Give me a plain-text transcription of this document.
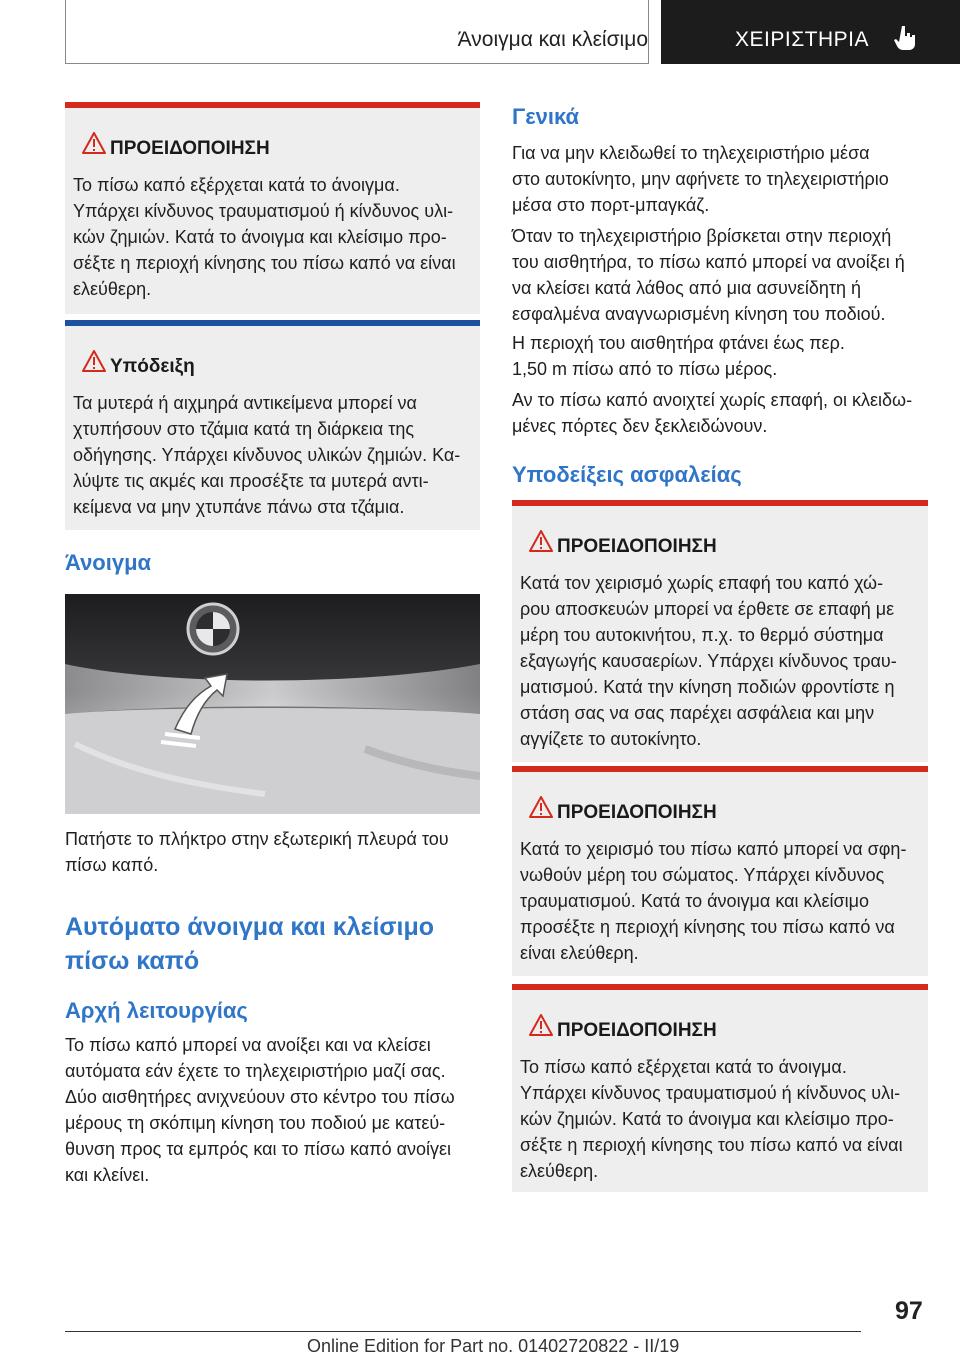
Άνοιγμα και κλείσιμο	ΧΕΙΡΙΣΤΗΡΙΑ
ΠΡΟΕΙΔΟΠΟΙΗΣΗ
Το πίσω καπό εξέρχεται κατά το άνοιγμα.
Υπάρχει κίνδυνος τραυματισμού ή κίνδυνος υλι-
κών ζημιών. Κατά το άνοιγμα και κλείσιμο προ-
σέξτε η περιοχή κίνησης του πίσω καπό να είναι
ελεύθερη.
Υπόδειξη
Τα μυτερά ή αιχμηρά αντικείμενα μπορεί να
χτυπήσουν στο τζάμια κατά τη διάρκεια της
οδήγησης. Υπάρχει κίνδυνος υλικών ζημιών. Κα-
λύψτε τις ακμές και προσέξτε τα μυτερά αντι-
κείμενα να μην χτυπάνε πάνω στα τζάμια.
Άνοιγμα
Πατήστε το πλήκτρο στην εξωτερική πλευρά του
πίσω καπό.
Αυτόματο άνοιγμα και κλείσιμο
πίσω καπό
Αρχή λειτουργίας
Το πίσω καπό μπορεί να ανοίξει και να κλείσει
αυτόματα εάν έχετε το τηλεχειριστήριο μαζί σας.
Δύο αισθητήρες ανιχνεύουν στο κέντρο του πίσω
μέρους τη σκόπιμη κίνηση του ποδιού με κατεύ-
θυνση προς τα εμπρός και το πίσω καπό ανοίγει
και κλείνει.
Γενικά
Για να μην κλειδωθεί το τηλεχειριστήριο μέσα
στο αυτοκίνητο, μην αφήνετε το τηλεχειριστήριο
μέσα στο πορτ-μπαγκάζ.
Όταν το τηλεχειριστήριο βρίσκεται στην περιοχή
του αισθητήρα, το πίσω καπό μπορεί να ανοίξει ή
να κλείσει κατά λάθος από μια ασυνείδητη ή
εσφαλμένα αναγνωρισμένη κίνηση του ποδιού.
Η περιοχή του αισθητήρα φτάνει έως περ.
1,50 m πίσω από το πίσω μέρος.
Αν το πίσω καπό ανοιχτεί χωρίς επαφή, οι κλειδω-
μένες πόρτες δεν ξεκλειδώνουν.
Υποδείξεις ασφαλείας
ΠΡΟΕΙΔΟΠΟΙΗΣΗ
Κατά τον χειρισμό χωρίς επαφή του καπό χώ-
ρου αποσκευών μπορεί να έρθετε σε επαφή με
μέρη του αυτοκινήτου, π.χ. το θερμό σύστημα
εξαγωγής καυσαερίων. Υπάρχει κίνδυνος τραυ-
ματισμού. Κατά την κίνηση ποδιών φροντίστε η
στάση σας να σας παρέχει ασφάλεια και μην
αγγίζετε το αυτοκίνητο.
ΠΡΟΕΙΔΟΠΟΙΗΣΗ
Κατά το χειρισμό του πίσω καπό μπορεί να σφη-
νωθούν μέρη του σώματος. Υπάρχει κίνδυνος
τραυματισμού. Κατά το άνοιγμα και κλείσιμο
προσέξτε η περιοχή κίνησης του πίσω καπό να
είναι ελεύθερη.
ΠΡΟΕΙΔΟΠΟΙΗΣΗ
Το πίσω καπό εξέρχεται κατά το άνοιγμα.
Υπάρχει κίνδυνος τραυματισμού ή κίνδυνος υλι-
κών ζημιών. Κατά το άνοιγμα και κλείσιμο προ-
σέξτε η περιοχή κίνησης του πίσω καπό να είναι
ελεύθερη.
97
Online Edition for Part no. 01402720822 - II/19
